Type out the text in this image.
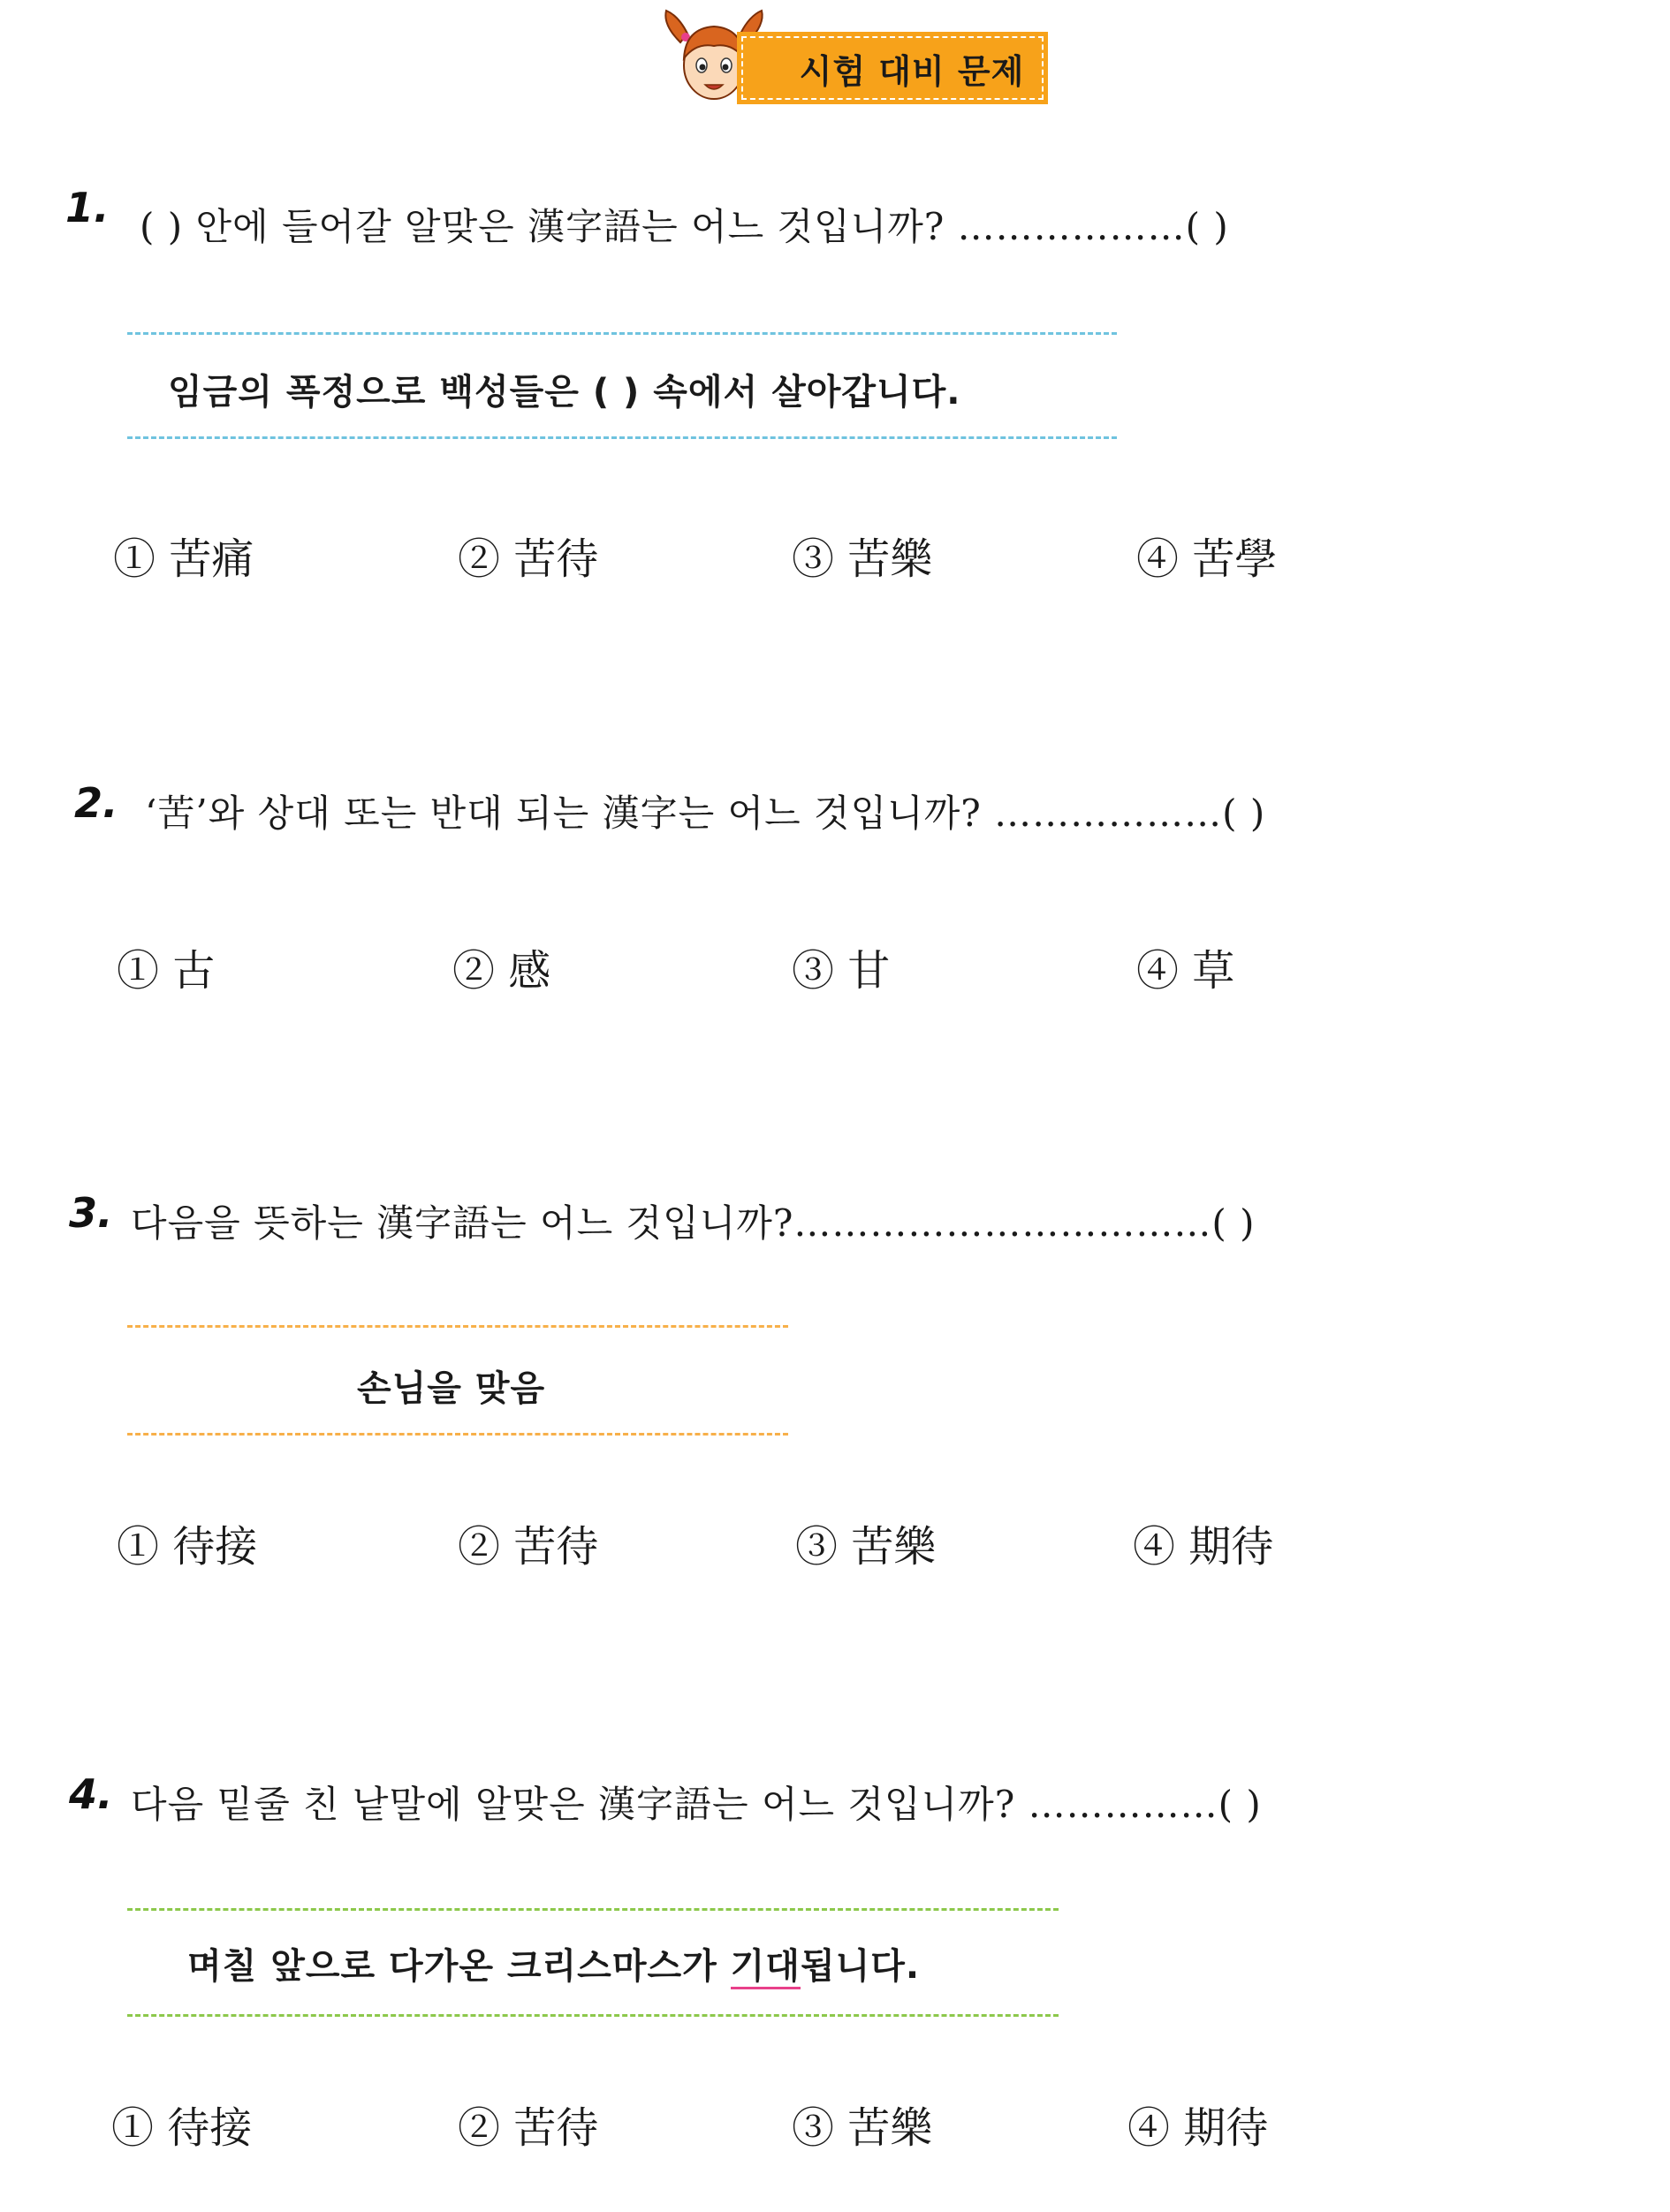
시험 대비 문제
1. ( ) 안에 들어갈 알맞은 漢字語는 어느 것입니까? ………………( )
임금의 폭정으로 백성들은 ( ) 속에서 살아갑니다.
① 苦痛	② 苦待	③ 苦樂	④ 苦學
2. ‘苦’와 상대 또는 반대 되는 漢字는 어느 것입니까? ………………( )
① 古	② 感	③ 甘	④ 草
3. 다음을 뜻하는 漢字語는 어느 것입니까?……………………………( )
손님을 맞음
① 待接	② 苦待	③ 苦樂	④ 期待
4. 다음 밑줄 친 낱말에 알맞은 漢字語는 어느 것입니까? ……………( )
며칠 앞으로 다가온 크리스마스가 기대됩니다.
① 待接	② 苦待	③ 苦樂	④ 期待
